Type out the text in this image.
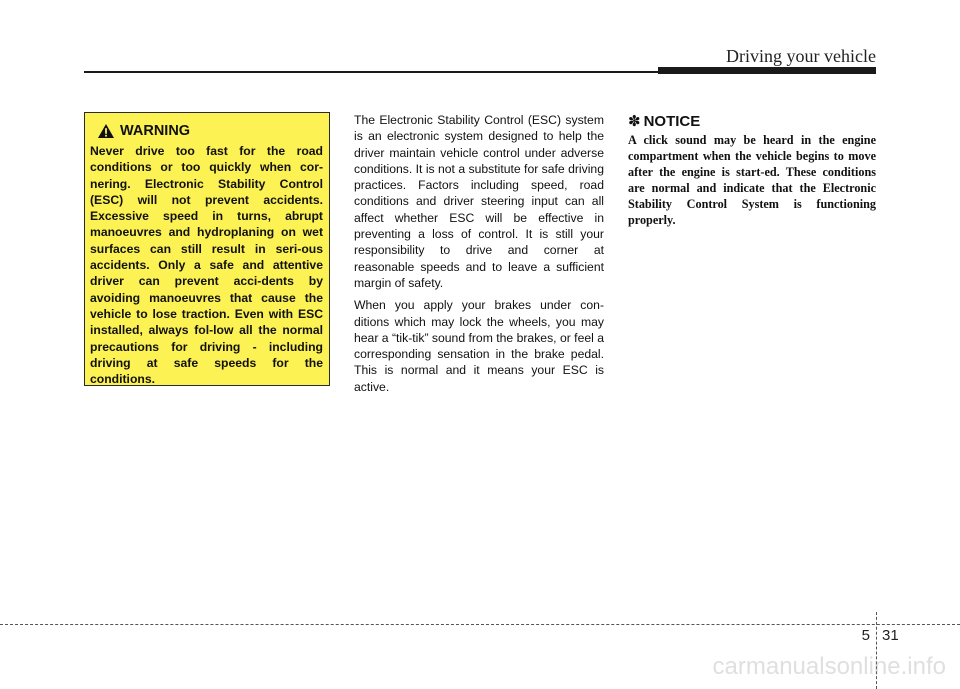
Driving your vehicle
WARNING
Never drive too fast for the road conditions or too quickly when cor-nering. Electronic Stability Control (ESC) will not prevent accidents. Excessive speed in turns, abrupt manoeuvres and hydroplaning on wet surfaces can still result in seri-ous accidents. Only a safe and attentive driver can prevent acci-dents by avoiding manoeuvres that cause the vehicle to lose traction. Even with ESC installed, always fol-low all the normal precautions for driving - including driving at safe speeds for the conditions.

The Electronic Stability Control (ESC) system is an electronic system designed to help the driver maintain vehicle control under adverse conditions. It is not a substitute for safe driving practices. Factors including speed, road conditions and driver steering input can all affect whether ESC will be effective in preventing a loss of control. It is still your responsibility to drive and corner at reasonable speeds and to leave a sufficient margin of safety.

When you apply your brakes under con-ditions which may lock the wheels, you may hear a “tik-tik” sound from the brakes, or feel a corresponding sensation in the brake pedal. This is normal and it means your ESC is active.

✽ NOTICE
A click sound may be heard in the engine compartment when the vehicle begins to move after the engine is start-ed. These conditions are normal and indicate that the Electronic Stability Control System is functioning properly.
5 31
carmanualsonline.info
